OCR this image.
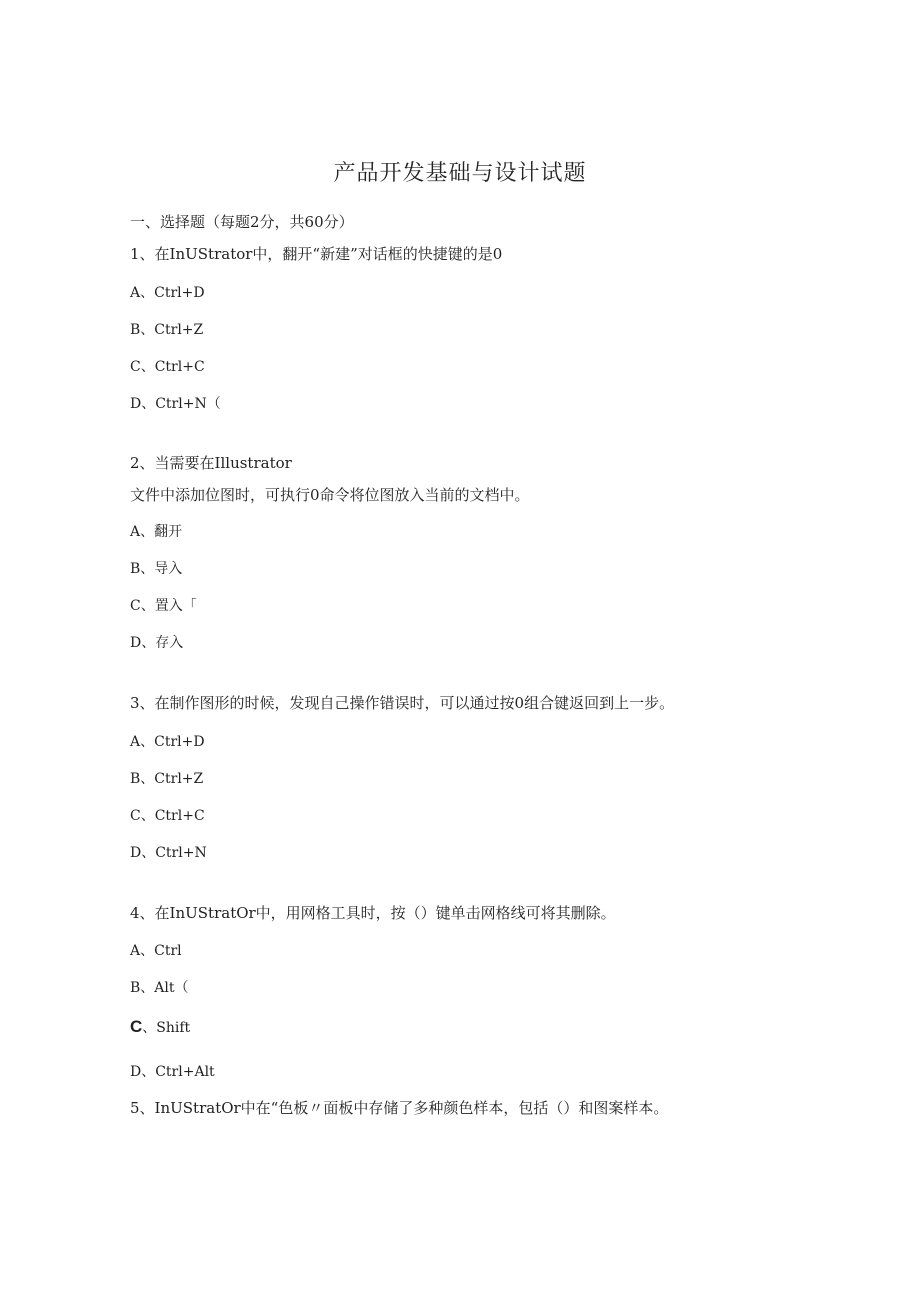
产品开发基础与设计试题
一、选择题（每题2分，共60分）
1、在InUStrator中，翻开“新建”对话框的快捷键的是0
A、Ctrl+D
B、Ctrl+Z
C、Ctrl+C
D、Ctrl+N（
2、当需要在Illustrator
文件中添加位图时，可执行0命令将位图放入当前的文档中。
A、翻开
B、导入
C、置入「
D、存入
3、在制作图形的时候，发现自己操作错误时，可以通过按0组合键返回到上一步。
A、Ctrl+D
B、Ctrl+Z
C、Ctrl+C
D、Ctrl+N
4、在InUStratOr中，用网格工具时，按（）键单击网格线可将其删除。
A、Ctrl
B、Alt（
C、Shift
D、Ctrl+Alt
5、InUStratOr中在“色板〃面板中存储了多种颜色样本，包括（）和图案样本。
